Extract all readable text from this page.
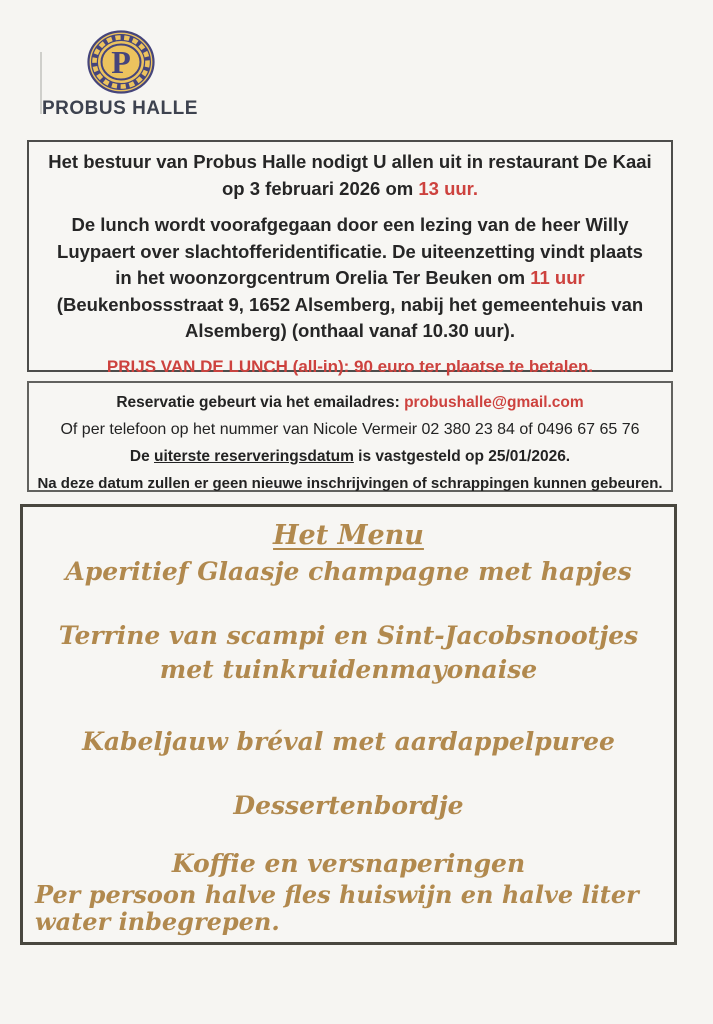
P
PROBUS HALLE
Het bestuur van Probus Halle nodigt U allen uit in restaurant De Kaai
op 3 februari 2026 om 13 uur.
De lunch wordt voorafgegaan door een lezing van de heer Willy
Luypaert over slachtofferidentificatie. De uiteenzetting vindt plaats
in het woonzorgcentrum Orelia Ter Beuken om 11 uur
(Beukenbossstraat 9, 1652 Alsemberg, nabij het gemeentehuis van
Alsemberg) (onthaal vanaf 10.30 uur).
PRIJS VAN DE LUNCH (all-in): 90 euro ter plaatse te betalen.
Reservatie gebeurt via het emailadres: probushalle@gmail.com
Of per telefoon op het nummer van Nicole Vermeir 02 380 23 84 of 0496 67 65 76
De uiterste reserveringsdatum is vastgesteld op 25/01/2026.
Na deze datum zullen er geen nieuwe inschrijvingen of schrappingen kunnen gebeuren.
Het Menu
Aperitief Glaasje champagne met hapjes
Terrine van scampi en Sint-Jacobsnootjes met tuinkruidenmayonaise
Kabeljauw bréval met aardappelpuree
Dessertenbordje
Koffie en versnaperingen
Per persoon halve fles huiswijn en halve liter water inbegrepen.
